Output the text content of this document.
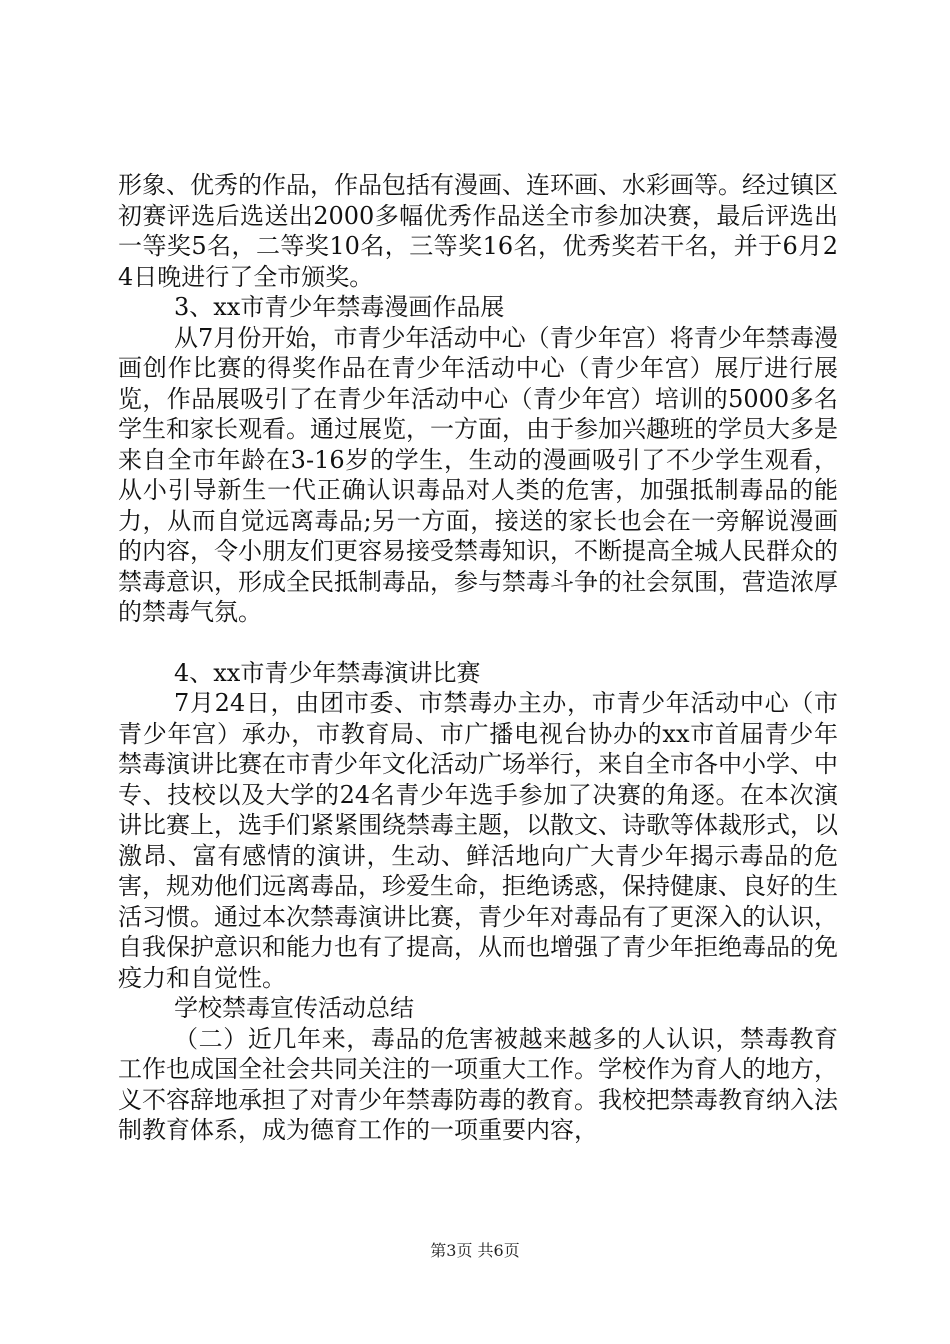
形象、优秀的作品，作品包括有漫画、连环画、水彩画等。经过镇区初赛评选后选送出2000多幅优秀作品送全市参加决赛，最后评选出一等奖5名，二等奖10名，三等奖16名，优秀奖若干名，并于6月24日晚进行了全市颁奖。

3、xx市青少年禁毒漫画作品展

从7月份开始，市青少年活动中心（青少年宫）将青少年禁毒漫画创作比赛的得奖作品在青少年活动中心（青少年宫）展厅进行展览，作品展吸引了在青少年活动中心（青少年宫）培训的5000多名学生和家长观看。通过展览，一方面，由于参加兴趣班的学员大多是来自全市年龄在3-16岁的学生，生动的漫画吸引了不少学生观看，从小引导新生一代正确认识毒品对人类的危害，加强抵制毒品的能力，从而自觉远离毒品;另一方面，接送的家长也会在一旁解说漫画的内容，令小朋友们更容易接受禁毒知识，不断提高全城人民群众的禁毒意识，形成全民抵制毒品，参与禁毒斗争的社会氛围，营造浓厚的禁毒气氛。

4、xx市青少年禁毒演讲比赛

7月24日，由团市委、市禁毒办主办，市青少年活动中心（市青少年宫）承办，市教育局、市广播电视台协办的xx市首届青少年禁毒演讲比赛在市青少年文化活动广场举行，来自全市各中小学、中专、技校以及大学的24名青少年选手参加了决赛的角逐。在本次演讲比赛上，选手们紧紧围绕禁毒主题，以散文、诗歌等体裁形式，以激昂、富有感情的演讲，生动、鲜活地向广大青少年揭示毒品的危害，规劝他们远离毒品，珍爱生命，拒绝诱惑，保持健康、良好的生活习惯。通过本次禁毒演讲比赛，青少年对毒品有了更深入的认识，自我保护意识和能力也有了提高，从而也增强了青少年拒绝毒品的免疫力和自觉性。

学校禁毒宣传活动总结

（二）近几年来，毒品的危害被越来越多的人认识，禁毒教育工作也成国全社会共同关注的一项重大工作。学校作为育人的地方，义不容辞地承担了对青少年禁毒防毒的教育。我校把禁毒教育纳入法制教育体系，成为德育工作的一项重要内容，

第3页 共6页
